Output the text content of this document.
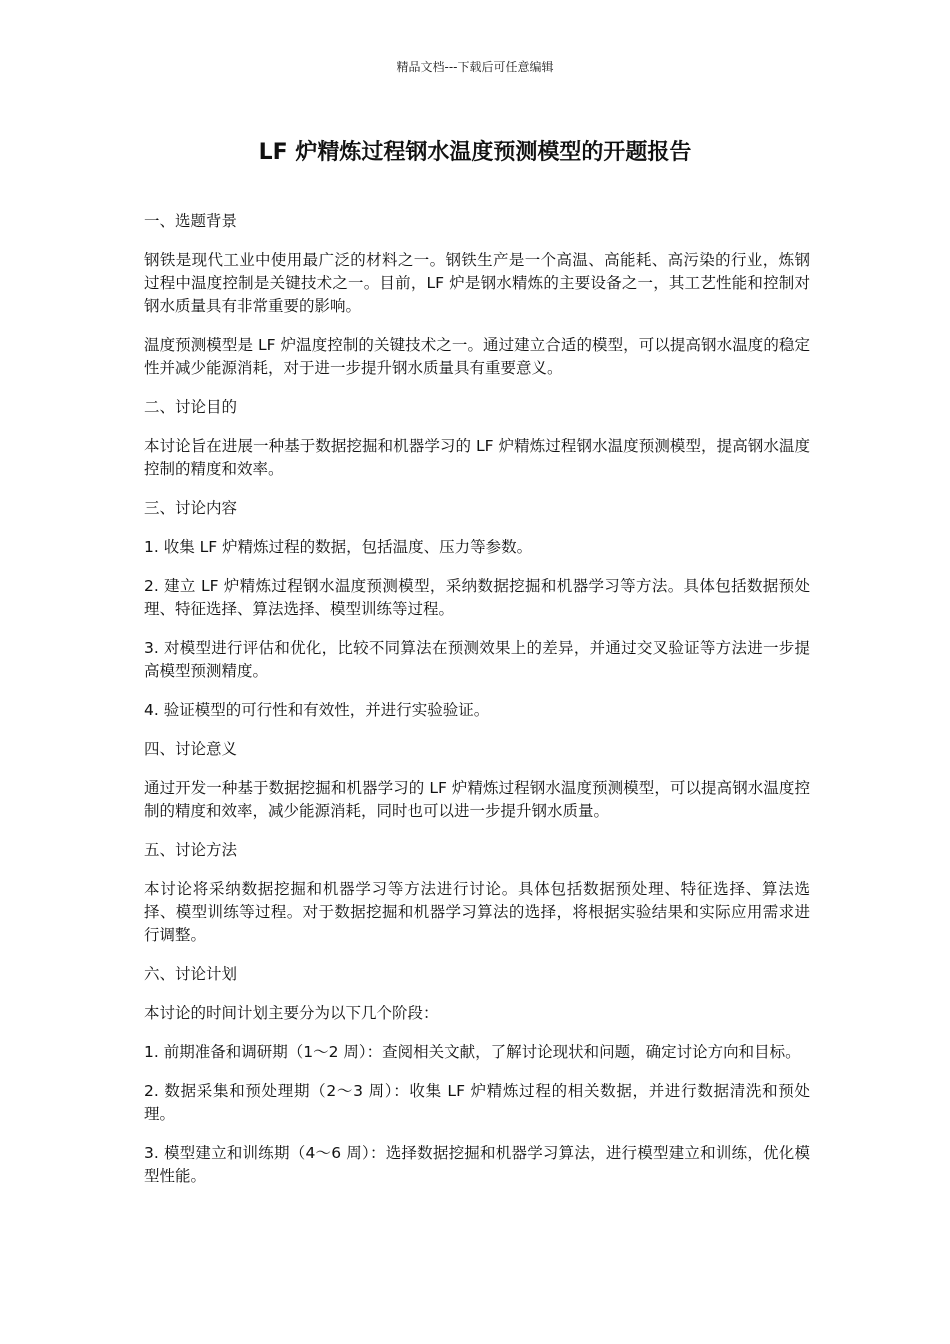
精品文档---下载后可任意编辑
LF 炉精炼过程钢水温度预测模型的开题报告

一、选题背景

钢铁是现代工业中使用最广泛的材料之一。钢铁生产是一个高温、高能耗、高污染的行业，炼钢过程中温度控制是关键技术之一。目前，LF 炉是钢水精炼的主要设备之一，其工艺性能和控制对钢水质量具有非常重要的影响。

温度预测模型是 LF 炉温度控制的关键技术之一。通过建立合适的模型，可以提高钢水温度的稳定性并减少能源消耗，对于进一步提升钢水质量具有重要意义。

二、讨论目的

本讨论旨在进展一种基于数据挖掘和机器学习的 LF 炉精炼过程钢水温度预测模型，提高钢水温度控制的精度和效率。

三、讨论内容

1. 收集 LF 炉精炼过程的数据，包括温度、压力等参数。

2. 建立 LF 炉精炼过程钢水温度预测模型，采纳数据挖掘和机器学习等方法。具体包括数据预处理、特征选择、算法选择、模型训练等过程。

3. 对模型进行评估和优化，比较不同算法在预测效果上的差异，并通过交叉验证等方法进一步提高模型预测精度。

4. 验证模型的可行性和有效性，并进行实验验证。

四、讨论意义

通过开发一种基于数据挖掘和机器学习的 LF 炉精炼过程钢水温度预测模型，可以提高钢水温度控制的精度和效率，减少能源消耗，同时也可以进一步提升钢水质量。

五、讨论方法

本讨论将采纳数据挖掘和机器学习等方法进行讨论。具体包括数据预处理、特征选择、算法选择、模型训练等过程。对于数据挖掘和机器学习算法的选择，将根据实验结果和实际应用需求进行调整。

六、讨论计划

本讨论的时间计划主要分为以下几个阶段：

1. 前期准备和调研期（1～2 周）：查阅相关文献，了解讨论现状和问题，确定讨论方向和目标。

2. 数据采集和预处理期（2～3 周）：收集 LF 炉精炼过程的相关数据，并进行数据清洗和预处理。

3. 模型建立和训练期（4～6 周）：选择数据挖掘和机器学习算法，进行模型建立和训练，优化模型性能。
